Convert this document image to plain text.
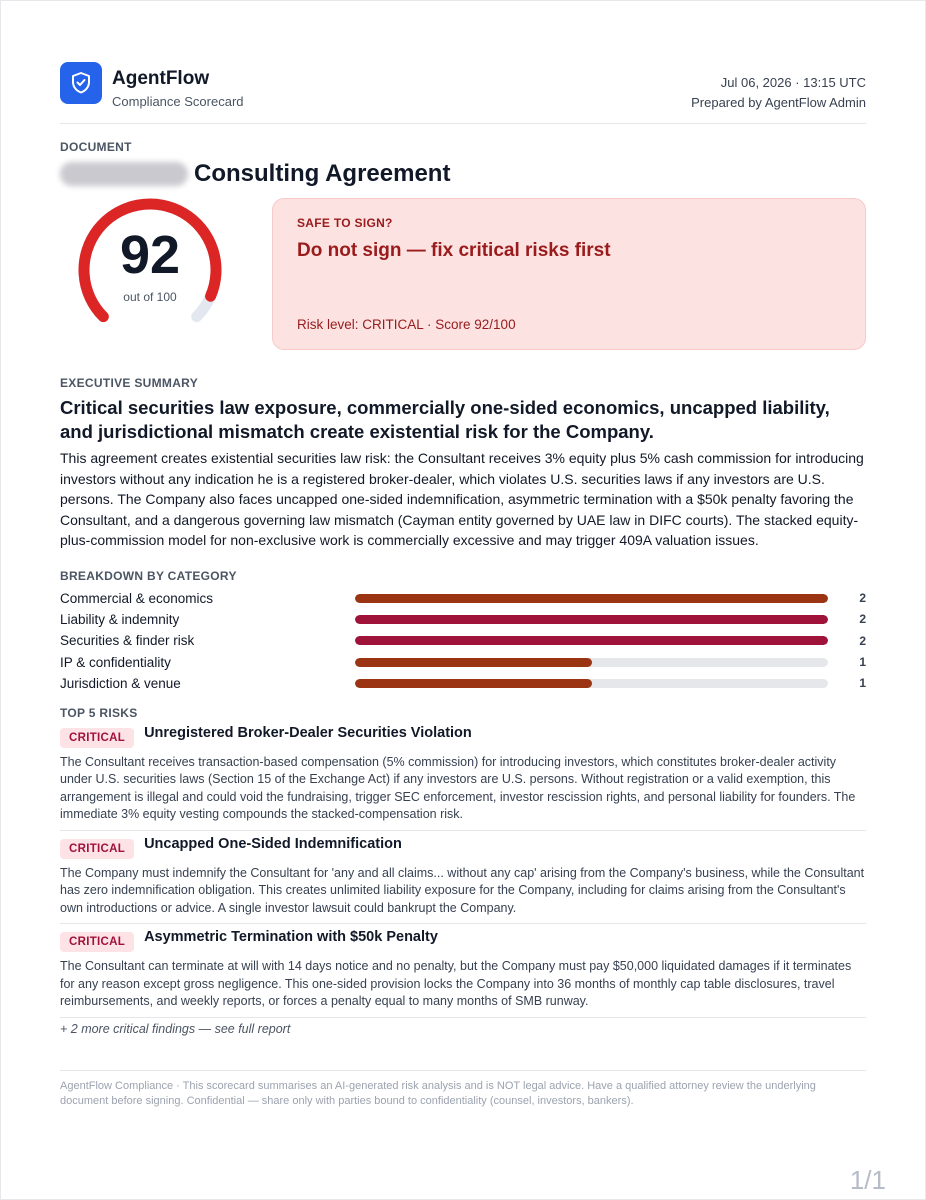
AgentFlow
Compliance Scorecard
Jul 06, 2026 · 13:15 UTC
Prepared by AgentFlow Admin
DOCUMENT
Consulting Agreement
92
out of 100
SAFE TO SIGN?
Do not sign — fix critical risks first
Risk level: CRITICAL · Score 92/100
EXECUTIVE SUMMARY
Critical securities law exposure, commercially one-sided economics, uncapped liability, and jurisdictional mismatch create existential risk for the Company.
This agreement creates existential securities law risk: the Consultant receives 3% equity plus 5% cash commission for introducing investors without any indication he is a registered broker-dealer, which violates U.S. securities laws if any investors are U.S. persons. The Company also faces uncapped one-sided indemnification, asymmetric termination with a $50k penalty favoring the Consultant, and a dangerous governing law mismatch (Cayman entity governed by UAE law in DIFC courts). The stacked equity-plus-commission model for non-exclusive work is commercially excessive and may trigger 409A valuation issues.
BREAKDOWN BY CATEGORY
Commercial & economics	2
Liability & indemnity	2
Securities & finder risk	2
IP & confidentiality	1
Jurisdiction & venue	1
TOP 5 RISKS
CRITICAL	Unregistered Broker-Dealer Securities Violation
The Consultant receives transaction-based compensation (5% commission) for introducing investors, which constitutes broker-dealer activity under U.S. securities laws (Section 15 of the Exchange Act) if any investors are U.S. persons. Without registration or a valid exemption, this arrangement is illegal and could void the fundraising, trigger SEC enforcement, investor rescission rights, and personal liability for founders. The immediate 3% equity vesting compounds the stacked-compensation risk.
CRITICAL	Uncapped One-Sided Indemnification
The Company must indemnify the Consultant for 'any and all claims... without any cap' arising from the Company's business, while the Consultant has zero indemnification obligation. This creates unlimited liability exposure for the Company, including for claims arising from the Consultant's own introductions or advice. A single investor lawsuit could bankrupt the Company.
CRITICAL	Asymmetric Termination with $50k Penalty
The Consultant can terminate at will with 14 days notice and no penalty, but the Company must pay $50,000 liquidated damages if it terminates for any reason except gross negligence. This one-sided provision locks the Company into 36 months of monthly cap table disclosures, travel reimbursements, and weekly reports, or forces a penalty equal to many months of SMB runway.
+ 2 more critical findings — see full report
AgentFlow Compliance · This scorecard summarises an AI-generated risk analysis and is NOT legal advice. Have a qualified attorney review the underlying document before signing. Confidential — share only with parties bound to confidentiality (counsel, investors, bankers).
1/1
